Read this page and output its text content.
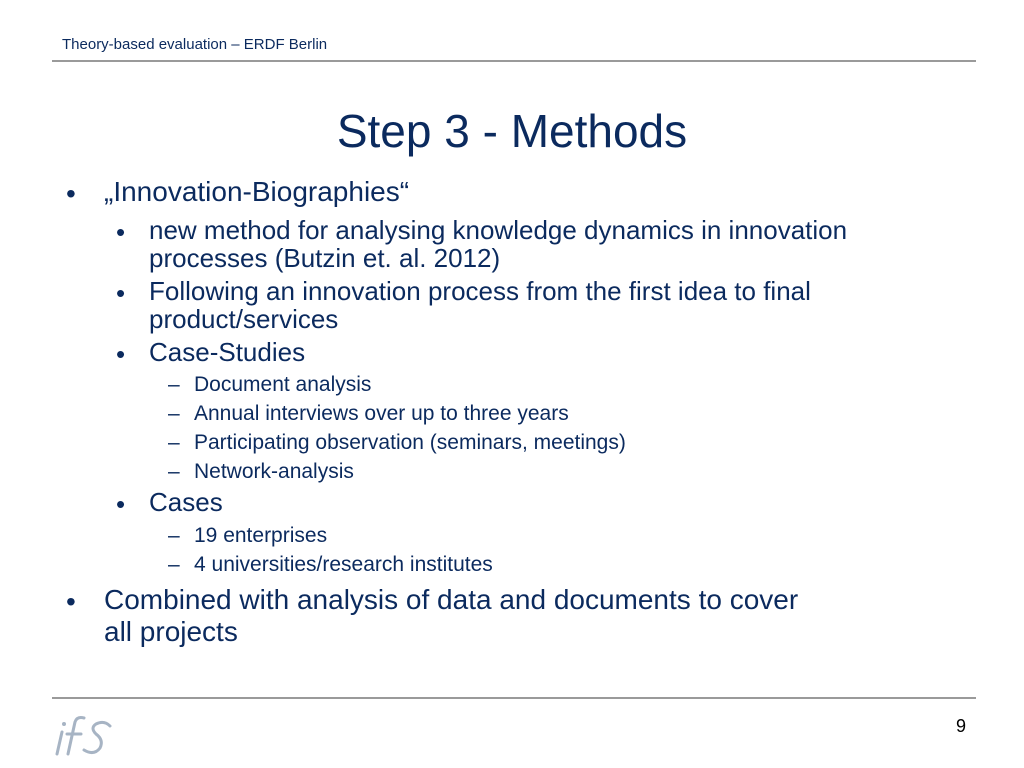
Theory-based evaluation – ERDF Berlin
Step 3 - Methods
• „Innovation-Biographies“
• new method for analysing knowledge dynamics in innovation
processes (Butzin et. al. 2012)
• Following an innovation process from the first idea to final
product/services
• Case-Studies
– Document analysis
– Annual interviews over up to three years
– Participating observation (seminars, meetings)
– Network-analysis
• Cases
– 19 enterprises
– 4 universities/research institutes
• Combined with analysis of data and documents to cover
all projects
9
